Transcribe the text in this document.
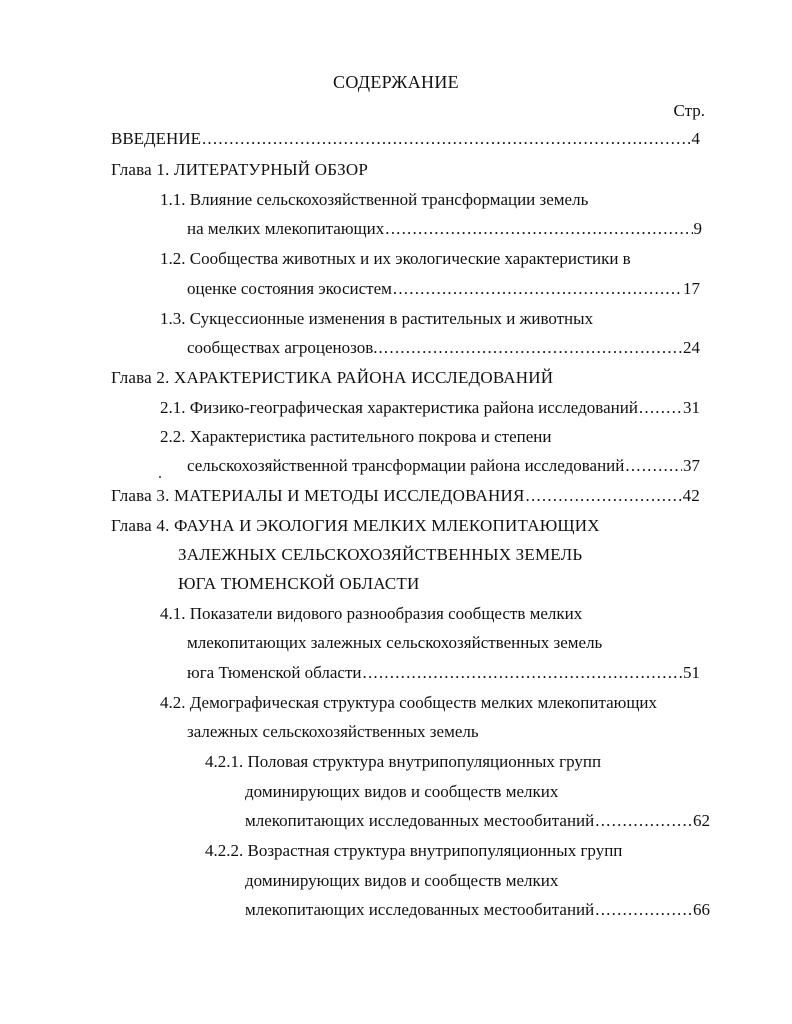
СОДЕРЖАНИЕ
Стр.
ВВЕДЕНИЕ .....	4
Глава 1. ЛИТЕРАТУРНЫЙ ОБЗОР
1.1. Влияние сельскохозяйственной трансформации земель
на мелких млекопитающих .....	9
1.2. Сообщества животных и их экологические характеристики в
оценке состояния экосистем .....	17
1.3. Сукцессионные изменения в растительных и животных
сообществах агроценозов. .....	24
Глава 2. ХАРАКТЕРИСТИКА РАЙОНА ИССЛЕДОВАНИЙ
2.1. Физико-географическая характеристика района исследований .....	31
2.2. Характеристика растительного покрова и степени
сельскохозяйственной трансформации района исследований .....	37
Глава 3. МАТЕРИАЛЫ И МЕТОДЫ ИССЛЕДОВАНИЯ .....	42
Глава 4. ФАУНА И ЭКОЛОГИЯ МЕЛКИХ МЛЕКОПИТАЮЩИХ
ЗАЛЕЖНЫХ СЕЛЬСКОХОЗЯЙСТВЕННЫХ ЗЕМЕЛЬ
ЮГА ТЮМЕНСКОЙ ОБЛАСТИ
4.1. Показатели видового разнообразия сообществ мелких
млекопитающих залежных сельскохозяйственных земель
юга Тюменской области .....	51
4.2. Демографическая структура сообществ мелких млекопитающих
залежных сельскохозяйственных земель
4.2.1. Половая структура внутрипопуляционных групп
доминирующих видов и сообществ мелких
млекопитающих исследованных местообитаний .....	62
4.2.2. Возрастная структура внутрипопуляционных групп
доминирующих видов и сообществ мелких
млекопитающих исследованных местообитаний .....	66
